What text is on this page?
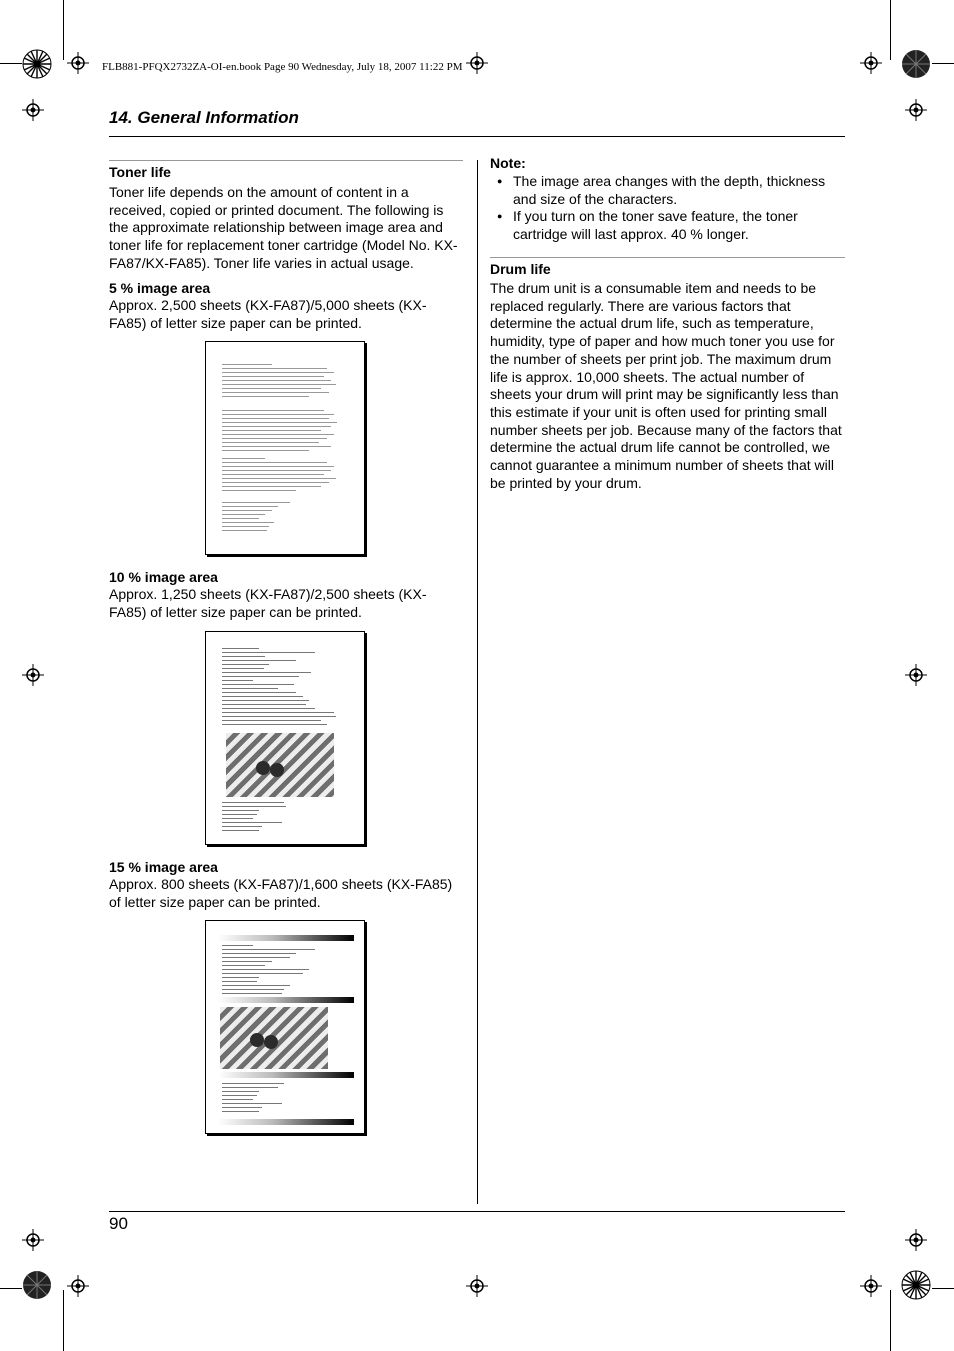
FLB881-PFQX2732ZA-OI-en.book Page 90 Wednesday, July 18, 2007 11:22 PM
14. General Information
Toner life
Toner life depends on the amount of content in a received, copied or printed document. The following is the approximate relationship between image area and toner life for replacement toner cartridge (Model No. KX-FA87/KX-FA85). Toner life varies in actual usage.
5 % image area
Approx. 2,500 sheets (KX-FA87)/5,000 sheets (KX-FA85) of letter size paper can be printed.
10 % image area
Approx. 1,250 sheets (KX-FA87)/2,500 sheets (KX-FA85) of letter size paper can be printed.
15 % image area
Approx. 800 sheets (KX-FA87)/1,600 sheets (KX-FA85) of letter size paper can be printed.
Note:
● The image area changes with the depth, thickness and size of the characters.
● If you turn on the toner save feature, the toner cartridge will last approx. 40 % longer.
Drum life
The drum unit is a consumable item and needs to be replaced regularly. There are various factors that determine the actual drum life, such as temperature, humidity, type of paper and how much toner you use for the number of sheets per print job. The maximum drum life is approx. 10,000 sheets. The actual number of sheets your drum will print may be significantly less than this estimate if your unit is often used for printing small number sheets per job. Because many of the factors that determine the actual drum life cannot be controlled, we cannot guarantee a minimum number of sheets that will be printed by your drum.
90
